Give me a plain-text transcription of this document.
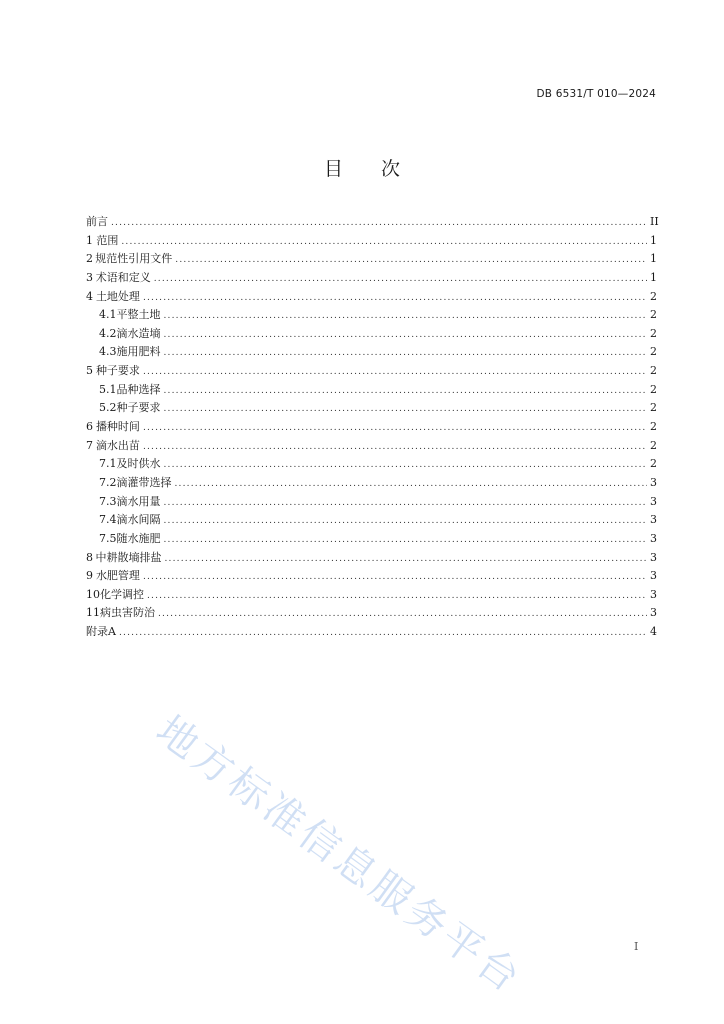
DB 6531/T 010—2024
目 次
前言 .....	II
1 范围 .....	1
2 规范性引用文件 .....	1
3 术语和定义 .....	1
4 土地处理 .....	2
4.1 平整土地 .....	2
4.2 滴水造墒 .....	2
4.3 施用肥料 .....	2
5 种子要求 .....	2
5.1 品种选择 .....	2
5.2 种子要求 .....	2
6 播种时间 .....	2
7 滴水出苗 .....	2
7.1 及时供水 .....	2
7.2 滴灌带选择 .....	3
7.3 滴水用量 .....	3
7.4 滴水间隔 .....	3
7.5 随水施肥 .....	3
8 中耕散墒排盐 .....	3
9 水肥管理 .....	3
10 化学调控 .....	3
11 病虫害防治 .....	3
附录A .....	4
地方标准信息服务平台	I
